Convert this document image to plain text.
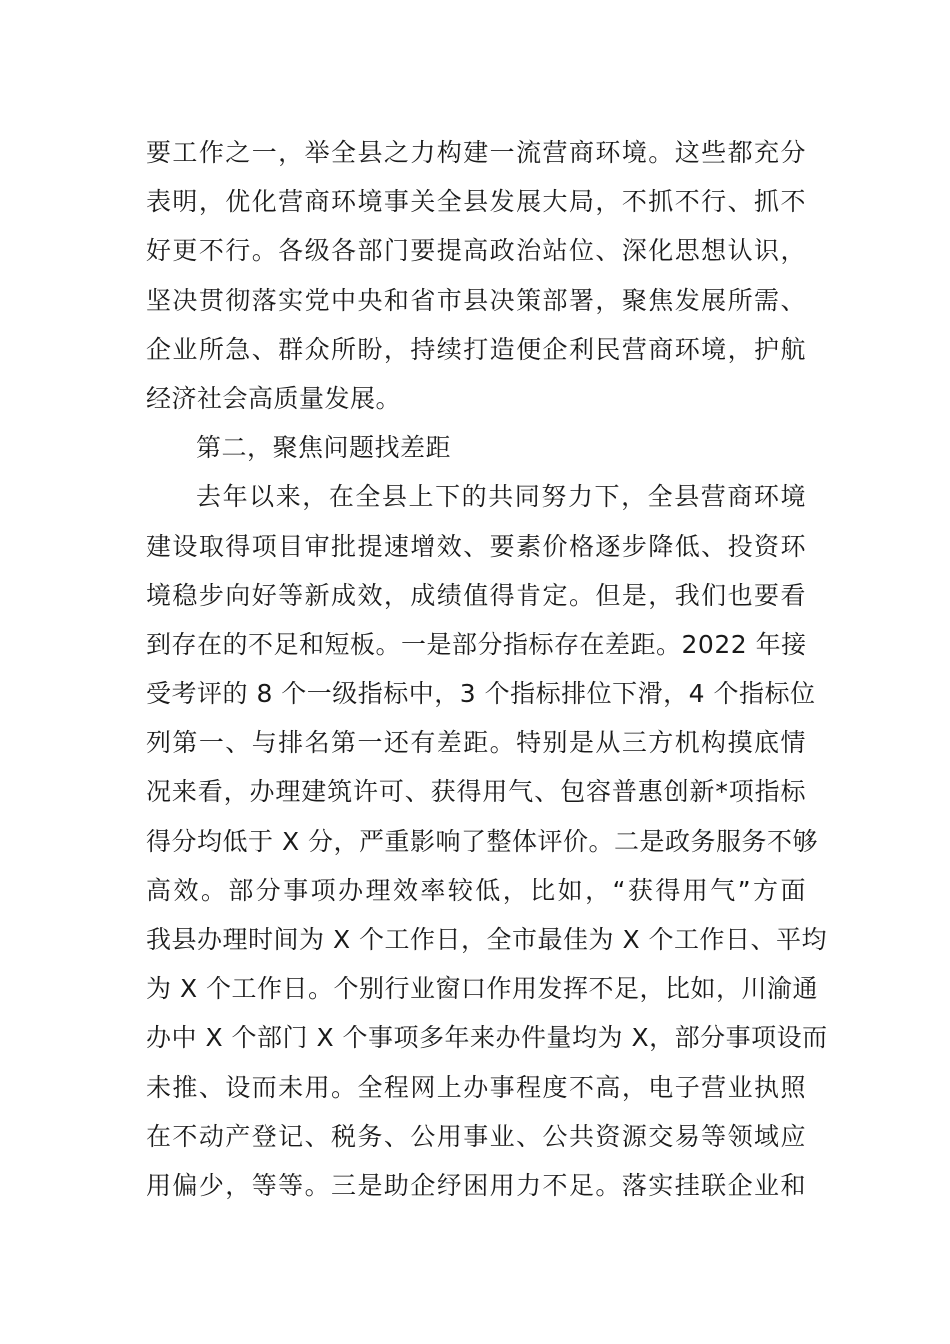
要工作之一，举全县之力构建一流营商环境。这些都充分
表明，优化营商环境事关全县发展大局，不抓不行、抓不
好更不行。各级各部门要提高政治站位、深化思想认识，
坚决贯彻落实党中央和省市县决策部署，聚焦发展所需、
企业所急、群众所盼，持续打造便企利民营商环境，护航
经济社会高质量发展。
第二，聚焦问题找差距
去年以来，在全县上下的共同努力下，全县营商环境
建设取得项目审批提速增效、要素价格逐步降低、投资环
境稳步向好等新成效，成绩值得肯定。但是，我们也要看
到存在的不足和短板。一是部分指标存在差距。2022 年接
受考评的 8 个一级指标中，3 个指标排位下滑，4 个指标位
列第一、与排名第一还有差距。特别是从三方机构摸底情
况来看，办理建筑许可、获得用气、包容普惠创新*项指标
得分均低于 X 分，严重影响了整体评价。二是政务服务不够
高效。部分事项办理效率较低，比如，“获得用气”方面
我县办理时间为 X 个工作日，全市最佳为 X 个工作日、平均
为 X 个工作日。个别行业窗口作用发挥不足，比如，川渝通
办中 X 个部门 X 个事项多年来办件量均为 X，部分事项设而
未推、设而未用。全程网上办事程度不高，电子营业执照
在不动产登记、税务、公用事业、公共资源交易等领域应
用偏少，等等。三是助企纾困用力不足。落实挂联企业和
